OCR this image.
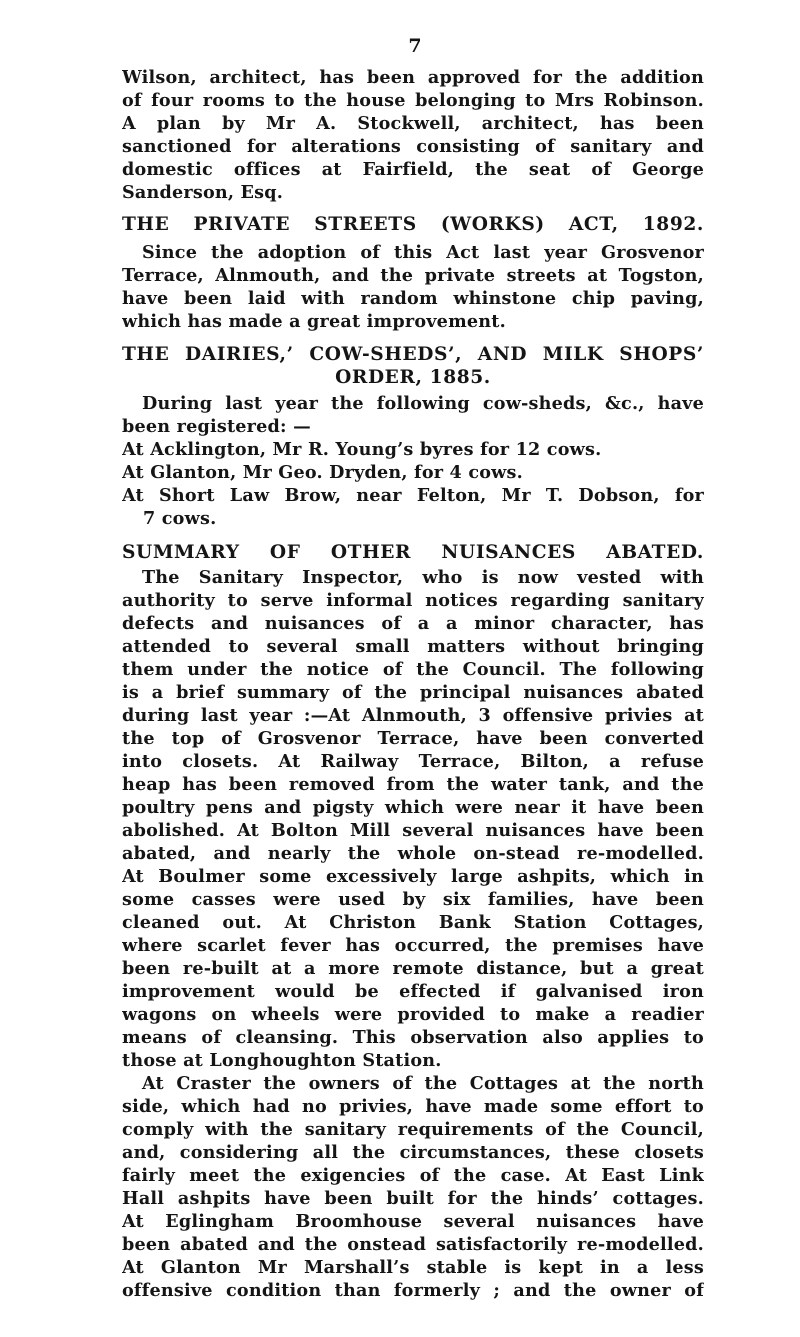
7

Wilson, architect, has been approved for the addition
of four rooms to the house belonging to Mrs Robinson.
A plan by Mr A. Stockwell, architect, has been
sanctioned for alterations consisting of sanitary and
domestic offices at Fairfield, the seat of George
Sanderson, Esq.
THE PRIVATE STREETS (WORKS) ACT, 1892.
Since the adoption of this Act last year Grosvenor
Terrace, Alnmouth, and the private streets at Togston,
have been laid with random whinstone chip paving,
which has made a great improvement.
THE DAIRIES,’ COW-SHEDS’, AND MILK SHOPS’
ORDER, 1885.
During last year the following cow-sheds, &c., have
been registered: —
At Acklington, Mr R. Young’s byres for 12 cows.
At Glanton, Mr Geo. Dryden, for 4 cows.
At Short Law Brow, near Felton, Mr T. Dobson, for
7 cows.
SUMMARY OF OTHER NUISANCES ABATED.
The Sanitary Inspector, who is now vested with
authority to serve informal notices regarding sanitary
defects and nuisances of a a minor character, has
attended to several small matters without bringing
them under the notice of the Council. The following
is a brief summary of the principal nuisances abated
during last year :—At Alnmouth, 3 offensive privies at
the top of Grosvenor Terrace, have been converted
into closets. At Railway Terrace, Bilton, a refuse
heap has been removed from the water tank, and the
poultry pens and pigsty which were near it have been
abolished. At Bolton Mill several nuisances have been
abated, and nearly the whole on-stead re-modelled.
At Boulmer some excessively large ashpits, which in
some casses were used by six families, have been
cleaned out. At Christon Bank Station Cottages,
where scarlet fever has occurred, the premises have
been re-built at a more remote distance, but a great
improvement would be effected if galvanised iron
wagons on wheels were provided to make a readier
means of cleansing. This observation also applies to
those at Longhoughton Station.
At Craster the owners of the Cottages at the north
side, which had no privies, have made some effort to
comply with the sanitary requirements of the Council,
and, considering all the circumstances, these closets
fairly meet the exigencies of the case. At East Link
Hall ashpits have been built for the hinds’ cottages.
At Eglingham Broomhouse several nuisances have
been abated and the onstead satisfactorily re-modelled.
At Glanton Mr Marshall’s stable is kept in a less
offensive condition than formerly ; and the owner of
